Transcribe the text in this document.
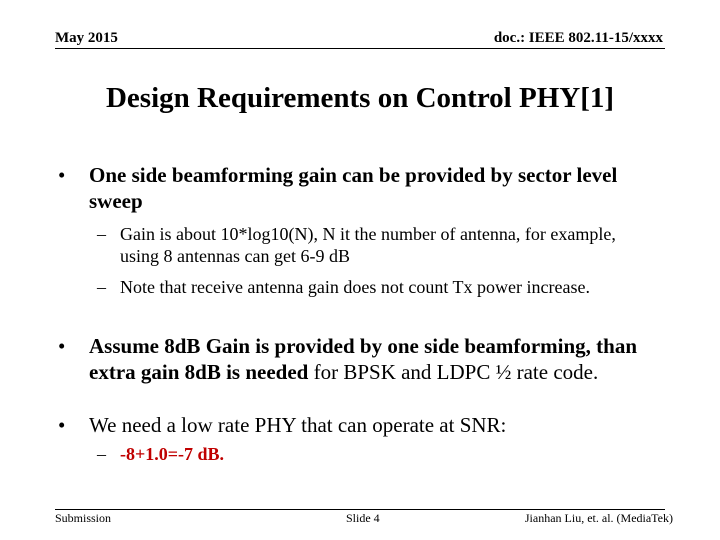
May 2015	doc.: IEEE 802.11-15/xxxx
Design Requirements on Control PHY[1]
•	One side beamforming gain can be provided by sector level sweep
– Gain is about 10*log10(N), N it the number of antenna, for example, using 8 antennas can get 6-9 dB
– Note that receive antenna gain does not count Tx power increase.
•	Assume 8dB Gain is provided by one side beamforming, than extra gain 8dB is needed for BPSK and LDPC ½ rate code.
•	We need a low rate PHY that can operate at SNR:
– -8+1.0=-7 dB.
Submission	Slide 4	Jianhan Liu, et. al. (MediaTek)
